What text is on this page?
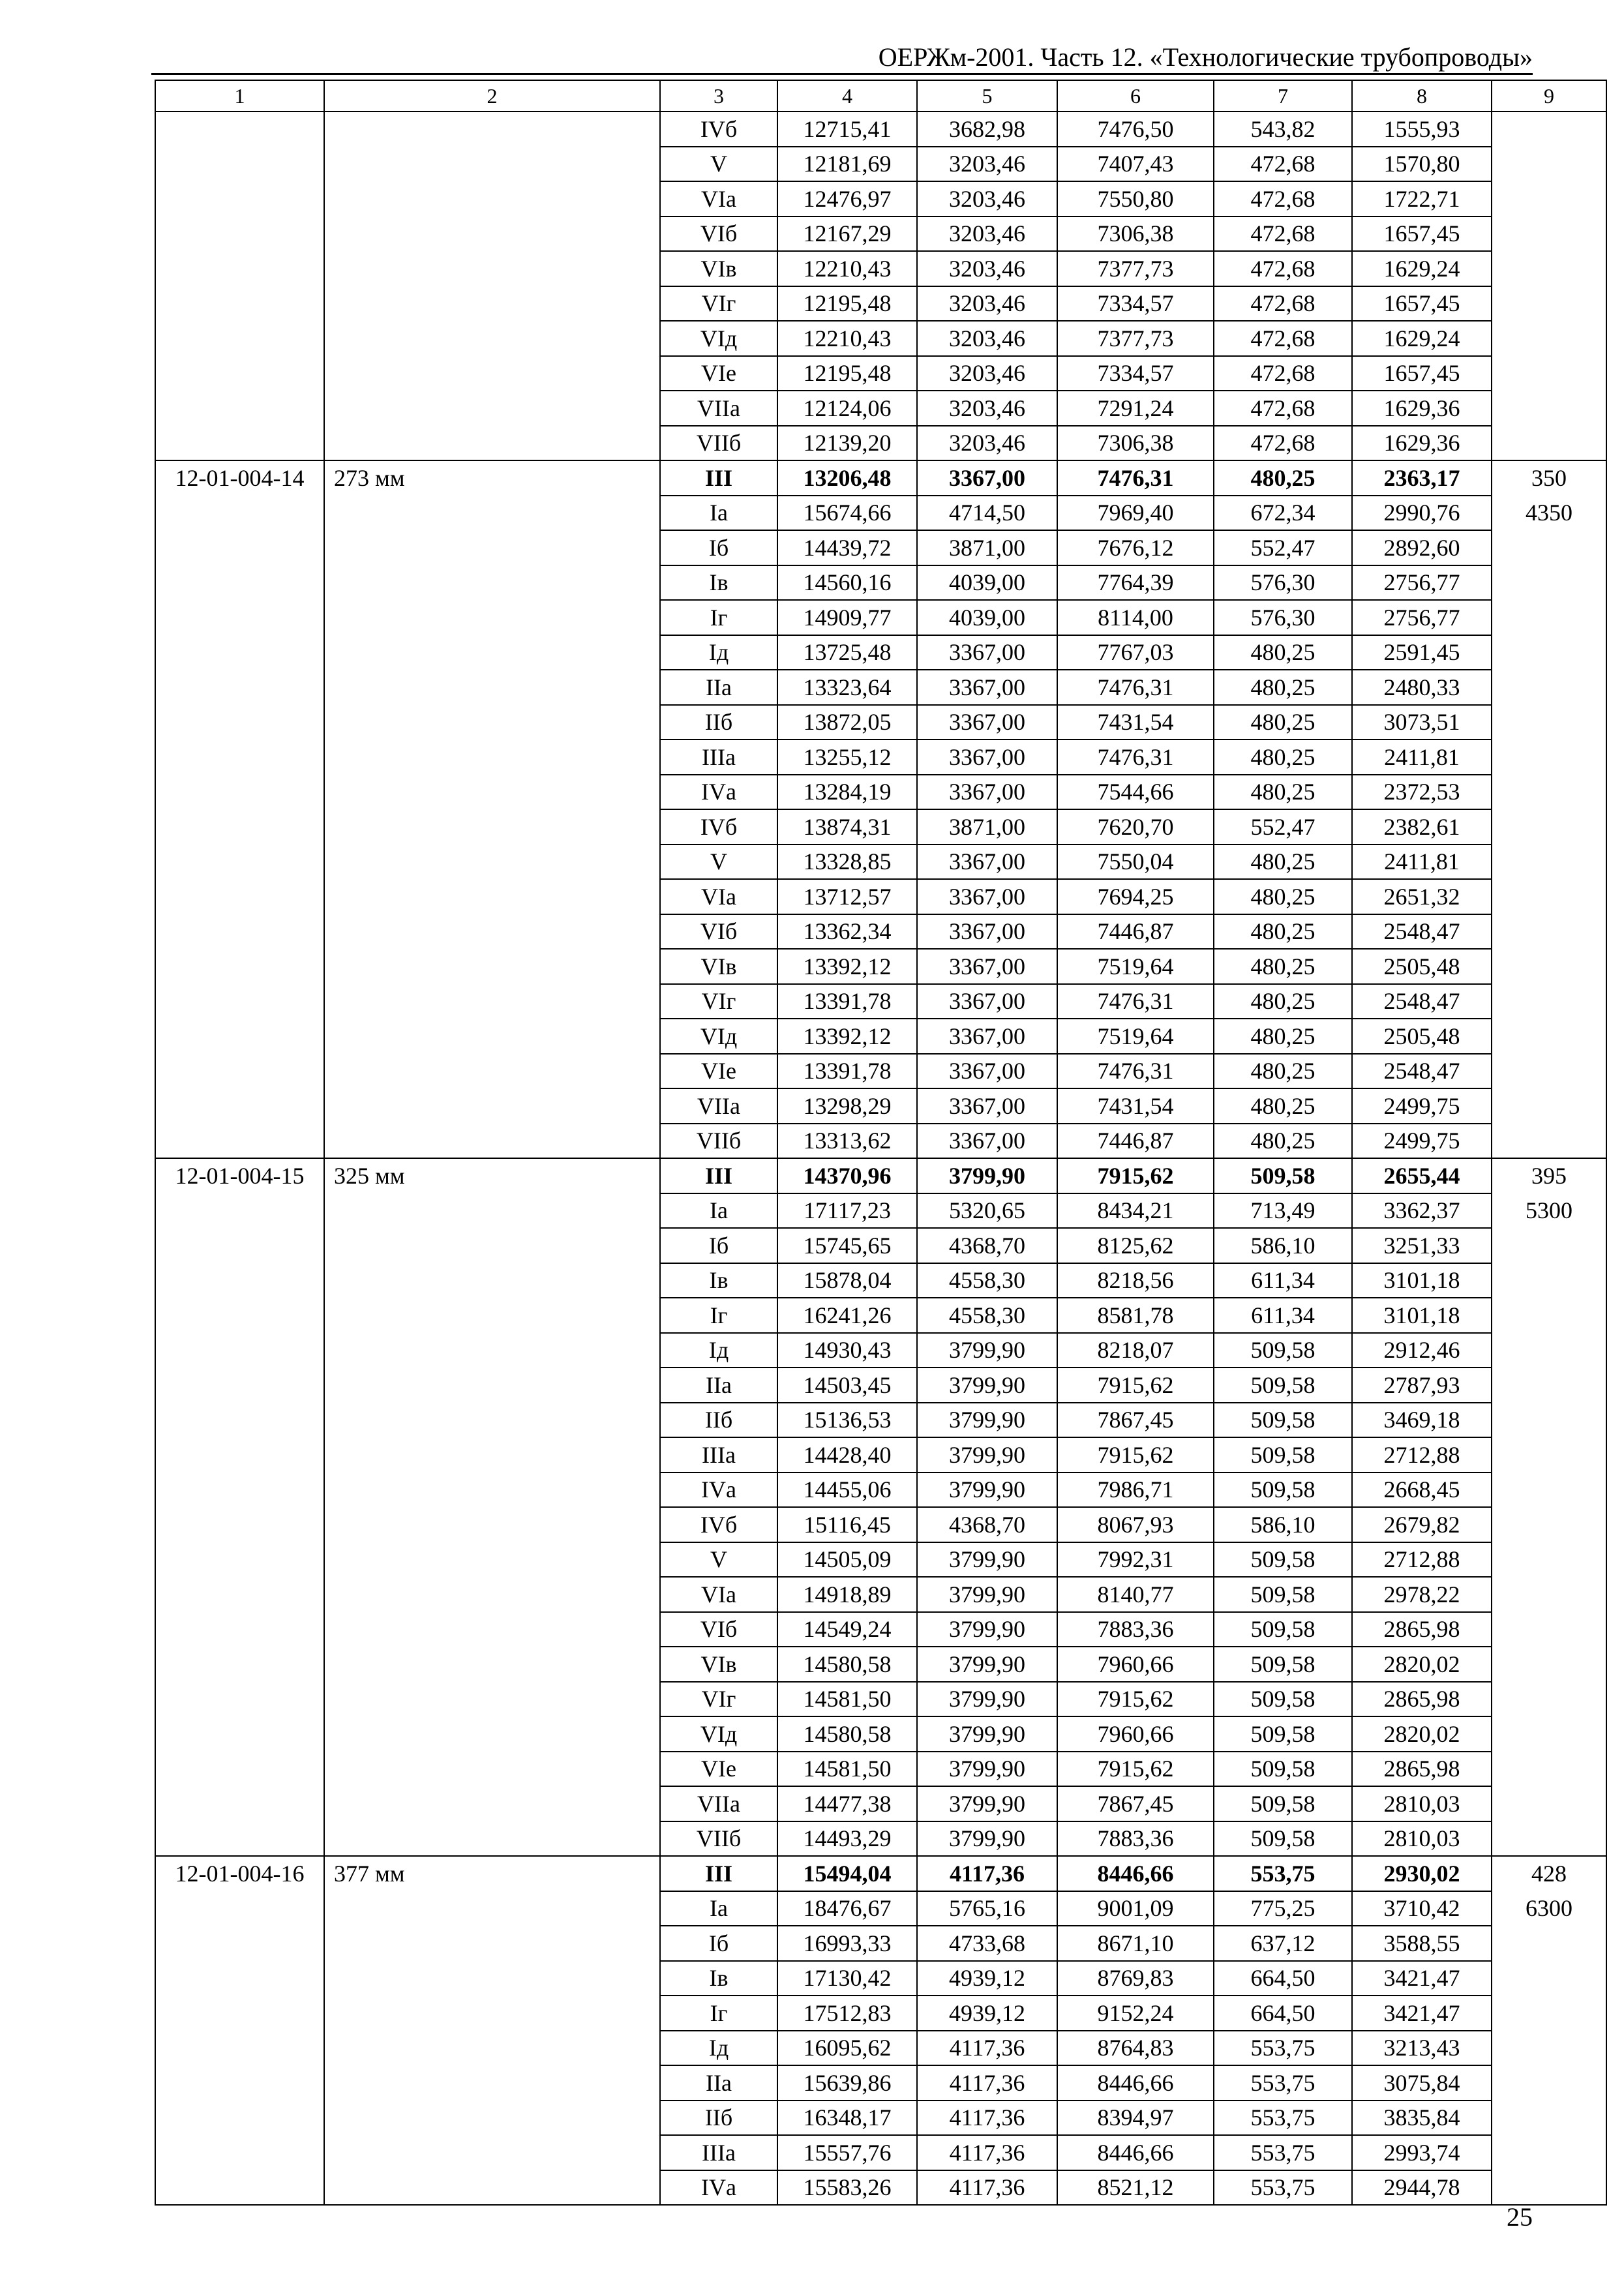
ОЕРЖм-2001. Часть 12. «Технологические трубопроводы»
1	2	3	4	5	6	7	8	9
		IVб	12715,41	3682,98	7476,50	543,82	1555,93	
		V	12181,69	3203,46	7407,43	472,68	1570,80	
		VIа	12476,97	3203,46	7550,80	472,68	1722,71	
		VIб	12167,29	3203,46	7306,38	472,68	1657,45	
		VIв	12210,43	3203,46	7377,73	472,68	1629,24	
		VIг	12195,48	3203,46	7334,57	472,68	1657,45	
		VIд	12210,43	3203,46	7377,73	472,68	1629,24	
		VIе	12195,48	3203,46	7334,57	472,68	1657,45	
		VIIа	12124,06	3203,46	7291,24	472,68	1629,36	
		VIIб	12139,20	3203,46	7306,38	472,68	1629,36	
12-01-004-14	273 мм	III	13206,48	3367,00	7476,31	480,25	2363,17	350
		Iа	15674,66	4714,50	7969,40	672,34	2990,76	4350
		Iб	14439,72	3871,00	7676,12	552,47	2892,60	
		Iв	14560,16	4039,00	7764,39	576,30	2756,77	
		Iг	14909,77	4039,00	8114,00	576,30	2756,77	
		Iд	13725,48	3367,00	7767,03	480,25	2591,45	
		IIа	13323,64	3367,00	7476,31	480,25	2480,33	
		IIб	13872,05	3367,00	7431,54	480,25	3073,51	
		IIIа	13255,12	3367,00	7476,31	480,25	2411,81	
		IVа	13284,19	3367,00	7544,66	480,25	2372,53	
		IVб	13874,31	3871,00	7620,70	552,47	2382,61	
		V	13328,85	3367,00	7550,04	480,25	2411,81	
		VIа	13712,57	3367,00	7694,25	480,25	2651,32	
		VIб	13362,34	3367,00	7446,87	480,25	2548,47	
		VIв	13392,12	3367,00	7519,64	480,25	2505,48	
		VIг	13391,78	3367,00	7476,31	480,25	2548,47	
		VIд	13392,12	3367,00	7519,64	480,25	2505,48	
		VIе	13391,78	3367,00	7476,31	480,25	2548,47	
		VIIа	13298,29	3367,00	7431,54	480,25	2499,75	
		VIIб	13313,62	3367,00	7446,87	480,25	2499,75	
12-01-004-15	325 мм	III	14370,96	3799,90	7915,62	509,58	2655,44	395
		Iа	17117,23	5320,65	8434,21	713,49	3362,37	5300
		Iб	15745,65	4368,70	8125,62	586,10	3251,33	
		Iв	15878,04	4558,30	8218,56	611,34	3101,18	
		Iг	16241,26	4558,30	8581,78	611,34	3101,18	
		Iд	14930,43	3799,90	8218,07	509,58	2912,46	
		IIа	14503,45	3799,90	7915,62	509,58	2787,93	
		IIб	15136,53	3799,90	7867,45	509,58	3469,18	
		IIIа	14428,40	3799,90	7915,62	509,58	2712,88	
		IVа	14455,06	3799,90	7986,71	509,58	2668,45	
		IVб	15116,45	4368,70	8067,93	586,10	2679,82	
		V	14505,09	3799,90	7992,31	509,58	2712,88	
		VIа	14918,89	3799,90	8140,77	509,58	2978,22	
		VIб	14549,24	3799,90	7883,36	509,58	2865,98	
		VIв	14580,58	3799,90	7960,66	509,58	2820,02	
		VIг	14581,50	3799,90	7915,62	509,58	2865,98	
		VIд	14580,58	3799,90	7960,66	509,58	2820,02	
		VIе	14581,50	3799,90	7915,62	509,58	2865,98	
		VIIа	14477,38	3799,90	7867,45	509,58	2810,03	
		VIIб	14493,29	3799,90	7883,36	509,58	2810,03	
12-01-004-16	377 мм	III	15494,04	4117,36	8446,66	553,75	2930,02	428
		Iа	18476,67	5765,16	9001,09	775,25	3710,42	6300
		Iб	16993,33	4733,68	8671,10	637,12	3588,55	
		Iв	17130,42	4939,12	8769,83	664,50	3421,47	
		Iг	17512,83	4939,12	9152,24	664,50	3421,47	
		Iд	16095,62	4117,36	8764,83	553,75	3213,43	
		IIа	15639,86	4117,36	8446,66	553,75	3075,84	
		IIб	16348,17	4117,36	8394,97	553,75	3835,84	
		IIIа	15557,76	4117,36	8446,66	553,75	2993,74	
		IVа	15583,26	4117,36	8521,12	553,75	2944,78	
25
